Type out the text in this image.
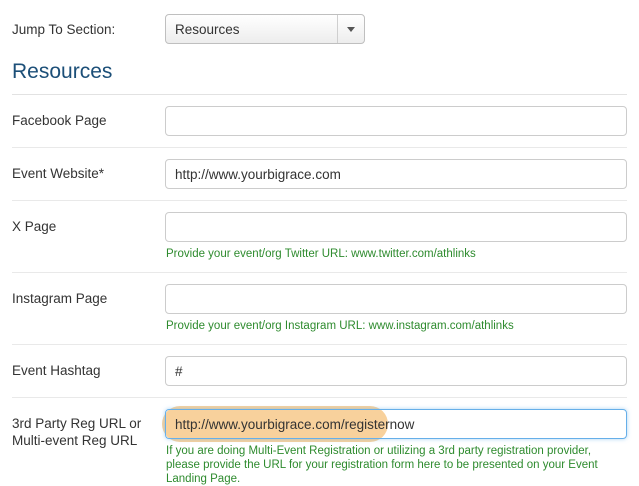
Jump To Section:	Resources
Resources
Facebook Page
Event Website*
http://www.yourbigrace.com
X Page
Provide your event/org Twitter URL: www.twitter.com/athlinks
Instagram Page
Provide your event/org Instagram URL: www.instagram.com/athlinks
Event Hashtag
#
3rd Party Reg URL or Multi-event Reg URL
http://www.yourbigrace.com/registernow
If you are doing Multi-Event Registration or utilizing a 3rd party registration provider, please provide the URL for your registration form here to be presented on your Event Landing Page.
